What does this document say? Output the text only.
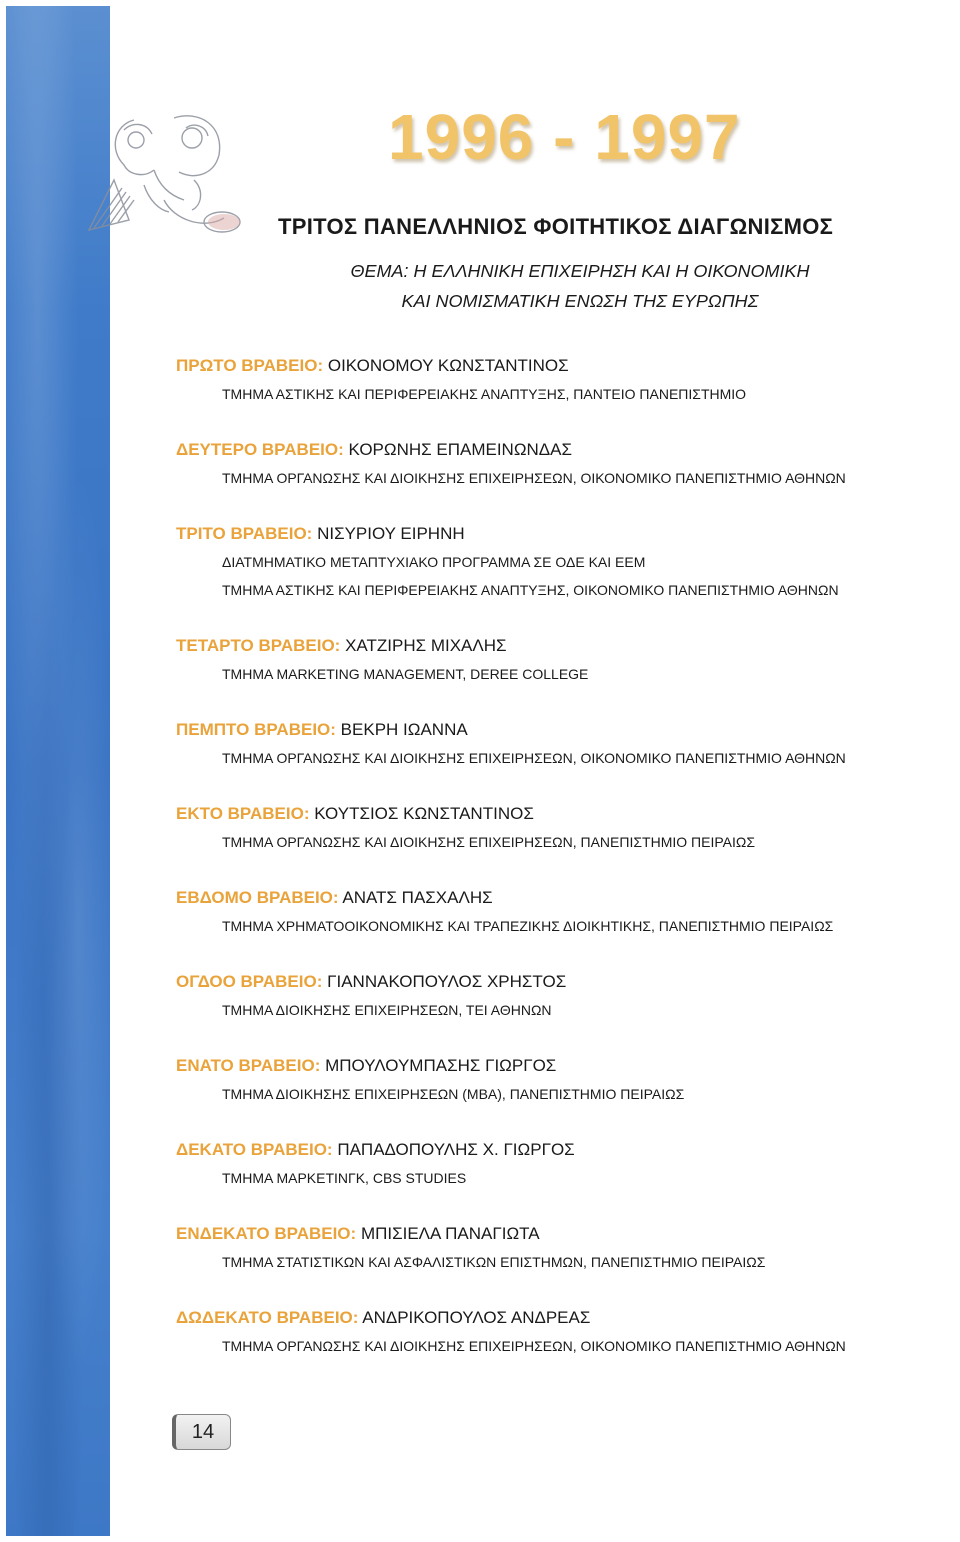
1996 - 1997
ΤΡΙΤΟΣ ΠΑΝΕΛΛΗΝΙΟΣ ΦΟΙΤΗΤΙΚΟΣ ΔΙΑΓΩΝΙΣΜΟΣ
ΘΕΜΑ: Η ΕΛΛΗΝΙΚΗ ΕΠΙΧΕΙΡΗΣΗ ΚΑΙ Η ΟΙΚΟΝΟΜΙΚΗ
ΚΑΙ ΝΟΜΙΣΜΑΤΙΚΗ ΕΝΩΣΗ ΤΗΣ ΕΥΡΩΠΗΣ
ΠΡΩΤΟ ΒΡΑΒΕΙΟ: ΟΙΚΟΝΟΜΟΥ ΚΩΝΣΤΑΝΤΙΝΟΣ
ΤΜΗΜΑ ΑΣΤΙΚΗΣ ΚΑΙ ΠΕΡΙΦΕΡΕΙΑΚΗΣ ΑΝΑΠΤΥΞΗΣ, ΠΑΝΤΕΙΟ ΠΑΝΕΠΙΣΤΗΜΙΟ
ΔΕΥΤΕΡΟ ΒΡΑΒΕΙΟ: ΚΟΡΩΝΗΣ ΕΠΑΜΕΙΝΩΝΔΑΣ
ΤΜΗΜΑ ΟΡΓΑΝΩΣΗΣ ΚΑΙ ΔΙΟΙΚΗΣΗΣ ΕΠΙΧΕΙΡΗΣΕΩΝ, ΟΙΚΟΝΟΜΙΚΟ ΠΑΝΕΠΙΣΤΗΜΙΟ ΑΘΗΝΩΝ
ΤΡΙΤΟ ΒΡΑΒΕΙΟ: ΝΙΣΥΡΙΟΥ ΕΙΡΗΝΗ
ΔΙΑΤΜΗΜΑΤΙΚΟ ΜΕΤΑΠΤΥΧΙΑΚΟ ΠΡΟΓΡΑΜΜΑ ΣΕ ΟΔΕ ΚΑΙ ΕΕΜ
ΤΜΗΜΑ ΑΣΤΙΚΗΣ ΚΑΙ ΠΕΡΙΦΕΡΕΙΑΚΗΣ ΑΝΑΠΤΥΞΗΣ, ΟΙΚΟΝΟΜΙΚΟ ΠΑΝΕΠΙΣΤΗΜΙΟ ΑΘΗΝΩΝ
ΤΕΤΑΡΤΟ ΒΡΑΒΕΙΟ: ΧΑΤΖΙΡΗΣ ΜΙΧΑΛΗΣ
ΤΜΗΜΑ MARKETING MANAGEMENT, DEREE COLLEGE
ΠΕΜΠΤΟ ΒΡΑΒΕΙΟ: ΒΕΚΡΗ ΙΩΑΝΝΑ
ΤΜΗΜΑ ΟΡΓΑΝΩΣΗΣ ΚΑΙ ΔΙΟΙΚΗΣΗΣ ΕΠΙΧΕΙΡΗΣΕΩΝ, ΟΙΚΟΝΟΜΙΚΟ ΠΑΝΕΠΙΣΤΗΜΙΟ ΑΘΗΝΩΝ
ΕΚΤΟ ΒΡΑΒΕΙΟ: ΚΟΥΤΣΙΟΣ ΚΩΝΣΤΑΝΤΙΝΟΣ
ΤΜΗΜΑ ΟΡΓΑΝΩΣΗΣ ΚΑΙ ΔΙΟΙΚΗΣΗΣ ΕΠΙΧΕΙΡΗΣΕΩΝ, ΠΑΝΕΠΙΣΤΗΜΙΟ ΠΕΙΡΑΙΩΣ
ΕΒΔΟΜΟ ΒΡΑΒΕΙΟ: ΑΝΑΤΣ ΠΑΣΧΑΛΗΣ
ΤΜΗΜΑ ΧΡΗΜΑΤΟΟΙΚΟΝΟΜΙΚΗΣ ΚΑΙ ΤΡΑΠΕΖΙΚΗΣ ΔΙΟΙΚΗΤΙΚΗΣ, ΠΑΝΕΠΙΣΤΗΜΙΟ ΠΕΙΡΑΙΩΣ
ΟΓΔΟΟ ΒΡΑΒΕΙΟ: ΓΙΑΝΝΑΚΟΠΟΥΛΟΣ ΧΡΗΣΤΟΣ
ΤΜΗΜΑ ΔΙΟΙΚΗΣΗΣ ΕΠΙΧΕΙΡΗΣΕΩΝ, ΤΕΙ ΑΘΗΝΩΝ
ΕΝΑΤΟ ΒΡΑΒΕΙΟ: ΜΠΟΥΛΟΥΜΠΑΣΗΣ ΓΙΩΡΓΟΣ
ΤΜΗΜΑ ΔΙΟΙΚΗΣΗΣ ΕΠΙΧΕΙΡΗΣΕΩΝ (ΜΒΑ), ΠΑΝΕΠΙΣΤΗΜΙΟ ΠΕΙΡΑΙΩΣ
ΔΕΚΑΤΟ ΒΡΑΒΕΙΟ: ΠΑΠΑΔΟΠΟΥΛΗΣ Χ. ΓΙΩΡΓΟΣ
ΤΜΗΜΑ ΜΑΡΚΕΤΙΝΓΚ, CBS STUDIES
ΕΝΔΕΚΑΤΟ ΒΡΑΒΕΙΟ: ΜΠΙΣΙΕΛΑ ΠΑΝΑΓΙΩΤΑ
ΤΜΗΜΑ ΣΤΑΤΙΣΤΙΚΩΝ ΚΑΙ ΑΣΦΑΛΙΣΤΙΚΩΝ ΕΠΙΣΤΗΜΩΝ, ΠΑΝΕΠΙΣΤΗΜΙΟ ΠΕΙΡΑΙΩΣ
ΔΩΔΕΚΑΤΟ ΒΡΑΒΕΙΟ: ΑΝΔΡΙΚΟΠΟΥΛΟΣ ΑΝΔΡΕΑΣ
ΤΜΗΜΑ ΟΡΓΑΝΩΣΗΣ ΚΑΙ ΔΙΟΙΚΗΣΗΣ ΕΠΙΧΕΙΡΗΣΕΩΝ, ΟΙΚΟΝΟΜΙΚΟ ΠΑΝΕΠΙΣΤΗΜΙΟ ΑΘΗΝΩΝ
14
